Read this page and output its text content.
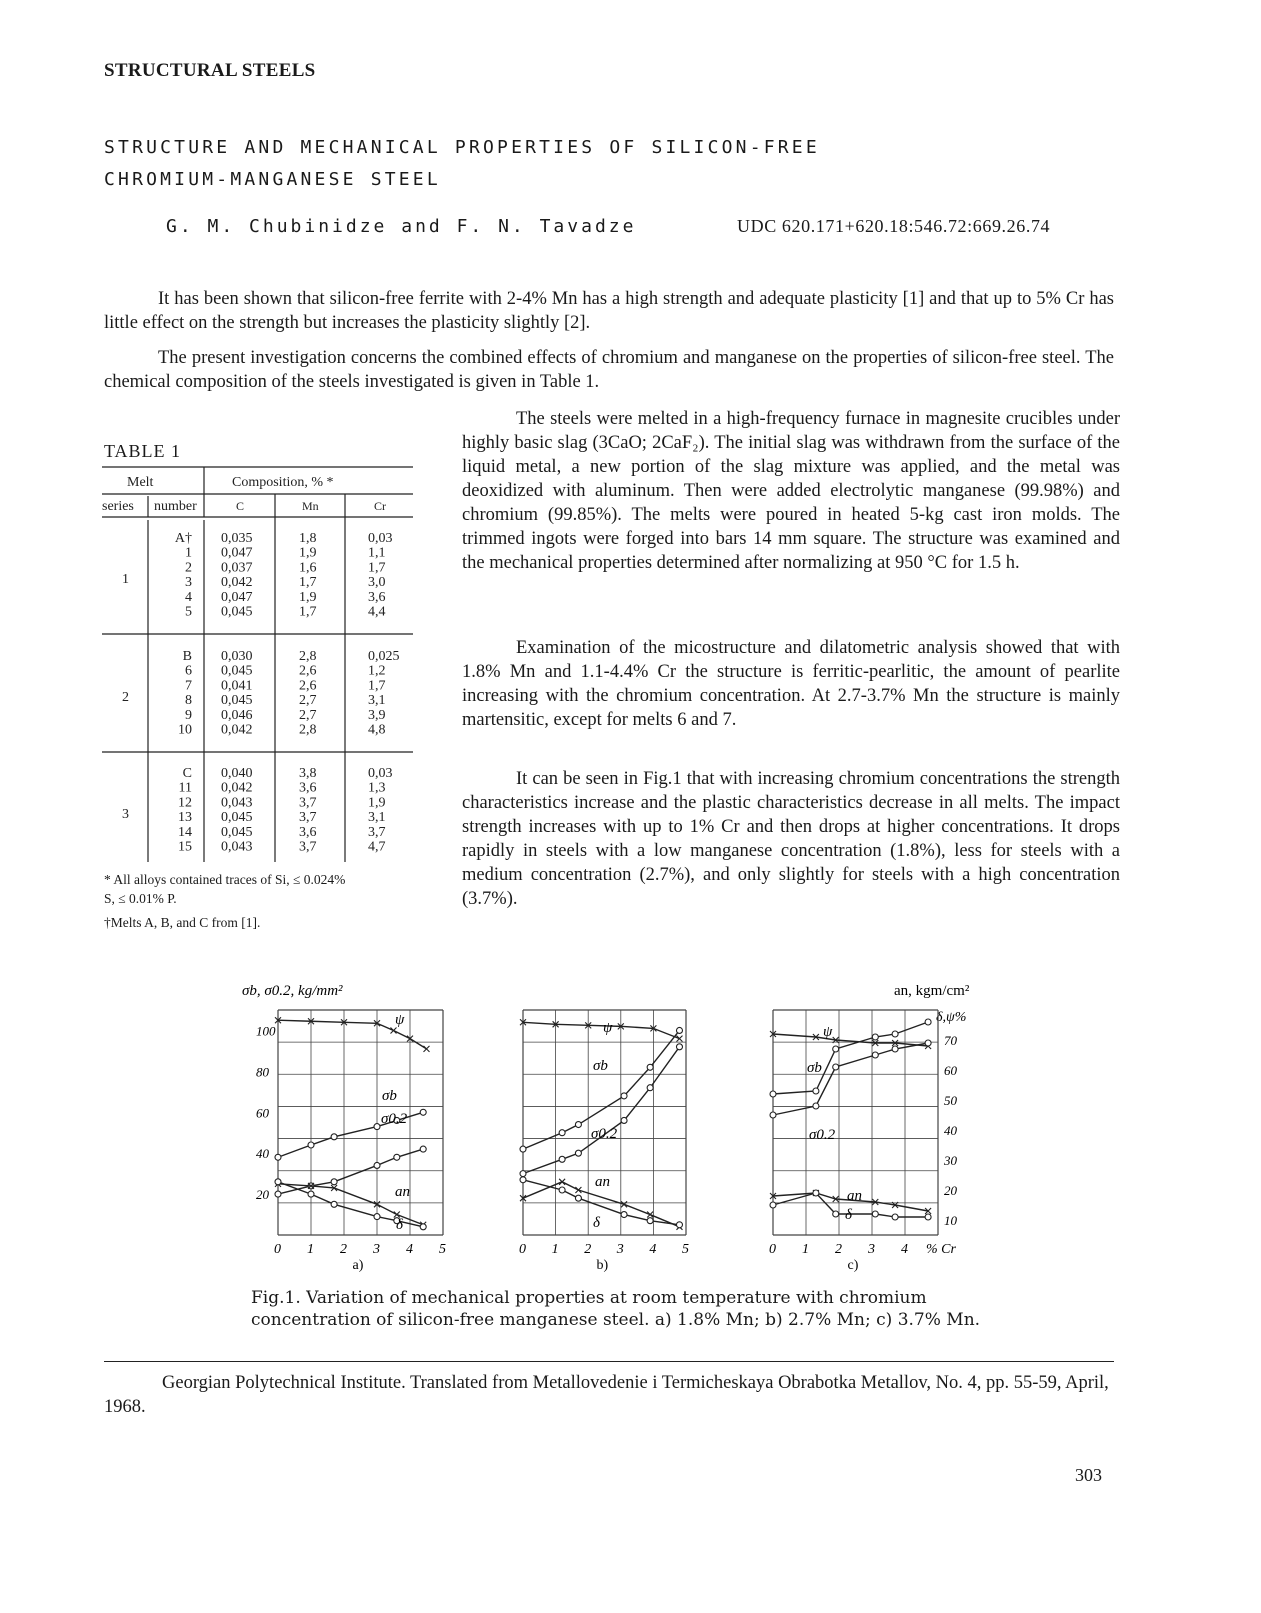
STRUCTURAL STEELS
STRUCTURE AND MECHANICAL PROPERTIES OF SILICON-FREE
CHROMIUM-MANGANESE STEEL
G. M. Chubinidze and F. N. Tavadze	UDC 620.171+620.18:546.72:669.26.74
It has been shown that silicon-free ferrite with 2-4% Mn has a high strength and adequate plasticity [1] and that up to 5% Cr has little effect on the strength but increases the plasticity slightly [2].
The present investigation concerns the combined effects of chromium and manganese on the properties of silicon-free steel. The chemical composition of the steels investigated is given in Table 1.
The steels were melted in a high-frequency furnace in magnesite crucibles under highly basic slag (3CaO; 2CaF₂). The initial slag was withdrawn from the surface of the liquid metal, a new portion of the slag mixture was applied, and the metal was deoxidized with aluminum. Then were added electrolytic manganese (99.98%) and chromium (99.85%). The melts were poured in heated 5-kg cast iron molds. The trimmed ingots were forged into bars 14 mm square. The structure was examined and the mechanical properties determined after normalizing at 950 °C for 1.5 h.
Examination of the micostructure and dilatometric analysis showed that with 1.8% Mn and 1.1-4.4% Cr the structure is ferritic-pearlitic, the amount of pearlite increasing with the chromium concentration. At 2.7-3.7% Mn the structure is mainly martensitic, except for melts 6 and 7.
It can be seen in Fig.1 that with increasing chromium concentrations the strength characteristics increase and the plastic characteristics decrease in all melts. The impact strength increases with up to 1% Cr and then drops at higher concentrations. It drops rapidly in steels with a low manganese concentration (1.8%), less for steels with a medium concentration (2.7%), and only slightly for steels with a high concentration (3.7%).
TABLE 1
Melt	Composition, % *
series number	C	Mn	Cr
1
A† 0,035	1,8	0,03
1 0,047	1,9	1,1
2 0,037	1,6	1,7
3 0,042	1,7	3,0
4 0,047	1,9	3,6
5 0,045	1,7	4,4
2
B 0,030	2,8	0,025
6 0,045	2,6	1,2
7 0,041	2,6	1,7
8 0,045	2,7	3,1
9 0,046	2,7	3,9
10 0,042	2,8	4,8
3
C 0,040	3,8	0,03
11 0,042	3,6	1,3
12 0,043	3,7	1,9
13 0,045	3,7	3,1
14 0,045	3,6	3,7
15 0,043	3,7	4,7
* All alloys contained traces of Si, ≤ 0.024%
S, ≤ 0.01% P.
†Melts A, B, and C from [1].
σb, σ0.2, kg/mm²	an, kgm/cm²
δ,ψ%
0 1 2 3 4 5
a)
100
80
60
40
20
ψ
σb
σ0.2
an
δ
0 1 2 3 4 5
b)
ψ
σb
σ0.2
an
δ
0 1 2 3 4 % Cr
c)
70
60
50
40
30
20
10
ψ
σb
σ0.2
an
δ
Fig.1. Variation of mechanical properties at room temperature with chromium concentration of silicon-free manganese steel. a) 1.8% Mn; b) 2.7% Mn; c) 3.7% Mn.
Georgian Polytechnical Institute. Translated from Metallovedenie i Termicheskaya Obrabotka Metallov, No. 4, pp. 55-59, April, 1968.
303
